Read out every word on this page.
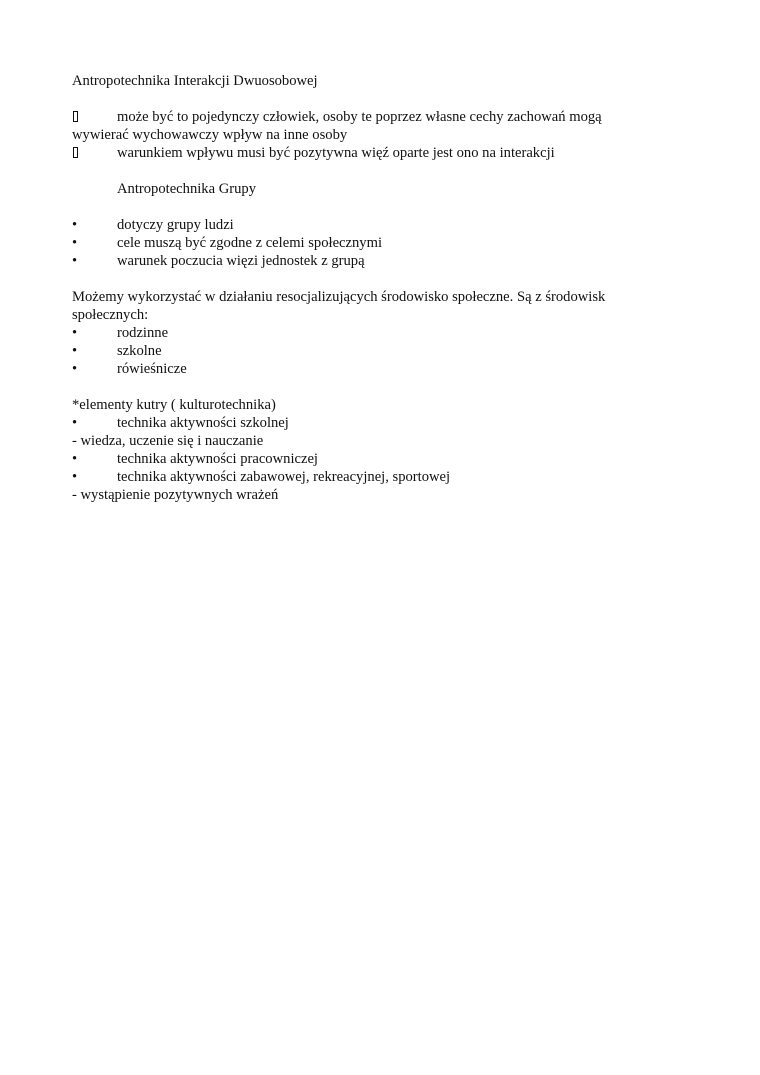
Antropotechnika Interakcji Dwuosobowej
może być to pojedynczy człowiek, osoby te poprzez własne cechy zachowań mogą
wywierać wychowawczy wpływ na inne osoby
warunkiem wpływu musi być pozytywna więź oparte jest ono na interakcji
Antropotechnika Grupy
•	dotyczy grupy ludzi
•	cele muszą być zgodne z celemi społecznymi
•	warunek poczucia więzi jednostek z grupą
Możemy wykorzystać w działaniu resocjalizujących środowisko społeczne. Są z środowisk
społecznych:
•	rodzinne
•	szkolne
•	rówieśnicze
*elementy kutry ( kulturotechnika)
•	technika aktywności szkolnej
- wiedza, uczenie się i nauczanie
•	technika aktywności pracowniczej
•	technika aktywności zabawowej, rekreacyjnej, sportowej
- wystąpienie pozytywnych wrażeń
